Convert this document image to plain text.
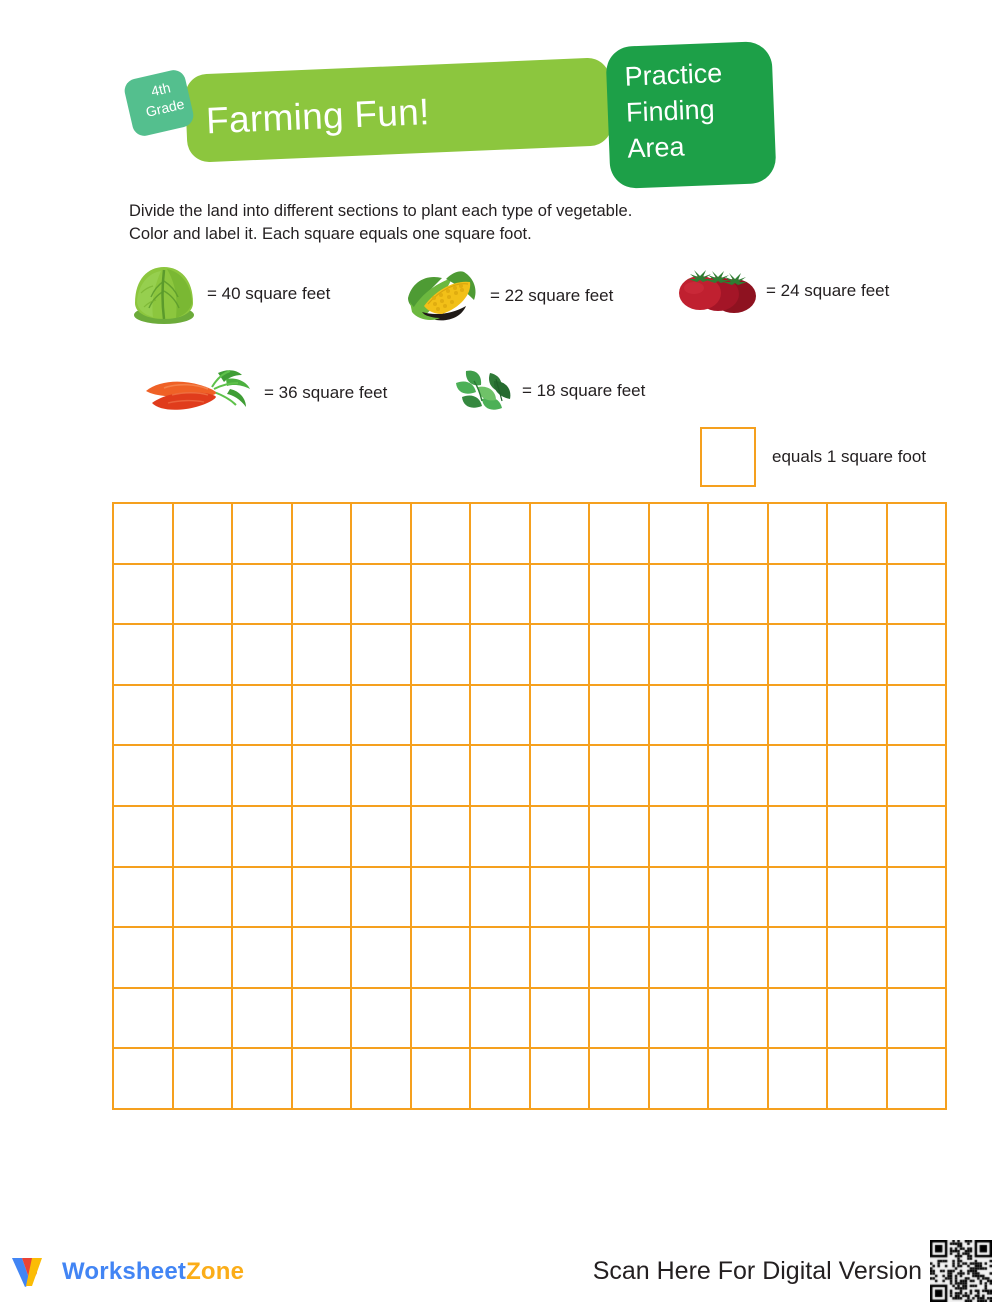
Farming Fun!
Practice
Finding
Area
4th
Grade
Divide the land into different sections to plant each type of vegetable.
Color and label it. Each square equals one square foot.
= 40 square feet	= 22 square feet	= 24 square feet
= 36 square feet	= 18 square feet
equals 1 square foot

WorksheetZone	Scan Here For Digital Version
